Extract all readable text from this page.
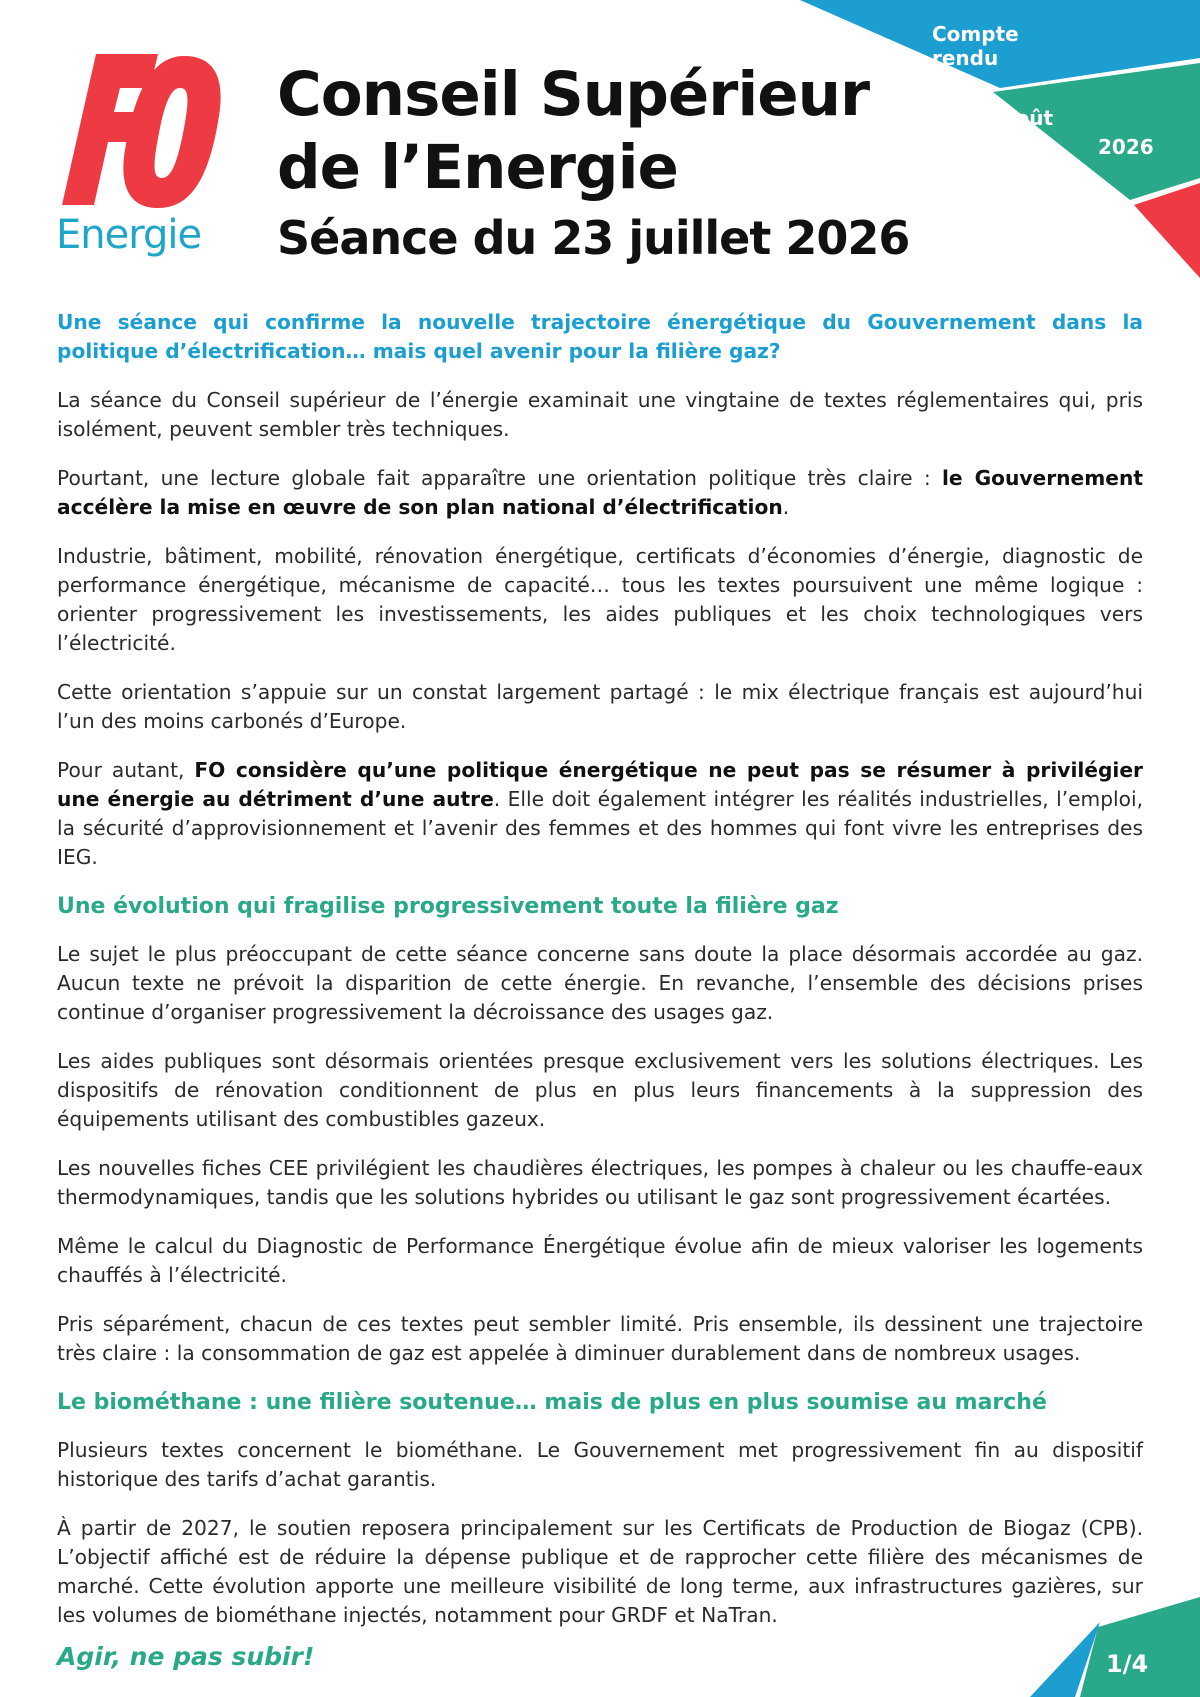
Compte rendu
Août
2026
Energie
Conseil Supérieur
de l’Energie
Séance du 23 juillet 2026

Une séance qui confirme la nouvelle trajectoire énergétique du Gouvernement dans la politique d’électrification… mais quel avenir pour la filière gaz?

La séance du Conseil supérieur de l’énergie examinait une vingtaine de textes réglementaires qui, pris isolément, peuvent sembler très techniques.

Pourtant, une lecture globale fait apparaître une orientation politique très claire : le Gouvernement accélère la mise en œuvre de son plan national d’électrification.

Industrie, bâtiment, mobilité, rénovation énergétique, certificats d’économies d’énergie, diagnostic de performance énergétique, mécanisme de capacité… tous les textes poursuivent une même logique : orienter progressivement les investissements, les aides publiques et les choix technologiques vers l’électricité.

Cette orientation s’appuie sur un constat largement partagé : le mix électrique français est aujourd’hui l’un des moins carbonés d’Europe.

Pour autant, FO considère qu’une politique énergétique ne peut pas se résumer à privilégier une énergie au détriment d’une autre. Elle doit également intégrer les réalités industrielles, l’emploi, la sécurité d’approvisionnement et l’avenir des femmes et des hommes qui font vivre les entreprises des IEG.

Une évolution qui fragilise progressivement toute la filière gaz

Le sujet le plus préoccupant de cette séance concerne sans doute la place désormais accordée au gaz. Aucun texte ne prévoit la disparition de cette énergie. En revanche, l’ensemble des décisions prises continue d’organiser progressivement la décroissance des usages gaz.

Les aides publiques sont désormais orientées presque exclusivement vers les solutions électriques. Les dispositifs de rénovation conditionnent de plus en plus leurs financements à la suppression des équipements utilisant des combustibles gazeux.

Les nouvelles fiches CEE privilégient les chaudières électriques, les pompes à chaleur ou les chauffe-eaux thermodynamiques, tandis que les solutions hybrides ou utilisant le gaz sont progressivement écartées.

Même le calcul du Diagnostic de Performance Énergétique évolue afin de mieux valoriser les logements chauffés à l’électricité.

Pris séparément, chacun de ces textes peut sembler limité. Pris ensemble, ils dessinent une trajectoire très claire : la consommation de gaz est appelée à diminuer durablement dans de nombreux usages.

Le biométhane : une filière soutenue… mais de plus en plus soumise au marché

Plusieurs textes concernent le biométhane. Le Gouvernement met progressivement fin au dispositif historique des tarifs d’achat garantis.

À partir de 2027, le soutien reposera principalement sur les Certificats de Production de Biogaz (CPB). L’objectif affiché est de réduire la dépense publique et de rapprocher cette filière des mécanismes de marché. Cette évolution apporte une meilleure visibilité de long terme, aux infrastructures gazières, sur les volumes de biométhane injectés, notamment pour GRDF et NaTran.

Agir, ne pas subir!	1/4
